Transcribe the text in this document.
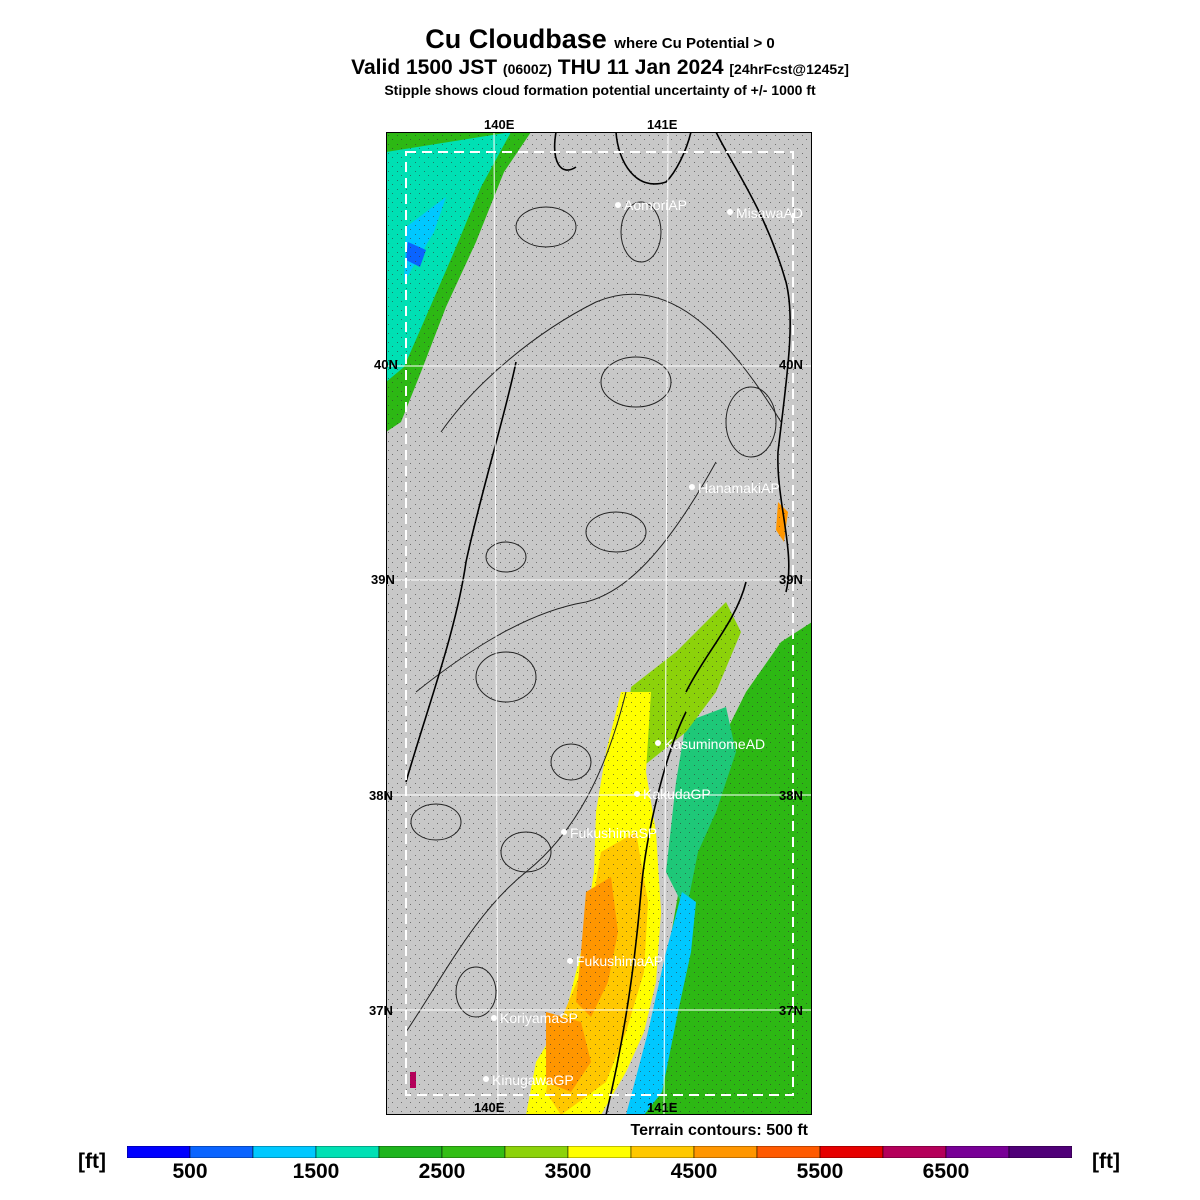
Cu Cloudbase where Cu Potential > 0
Valid 1500 JST (0600Z) THU 11 Jan 2024 [24hrFcst@1245z]
Stipple shows cloud formation potential uncertainty of +/- 1000 ft
AomoriAP	MisawaAD
HanamakiAP
KasuminomeAD
KakudaGP
FukushimaSP
FukushimaAP
KoriyamaSP
KinugawaGP
140E	141E
140E	141E
40N
39N
38N
37N
40N
39N
38N
37N
Terrain contours: 500 ft
[ft]	[ft]
500	1500	2500	3500	4500	5500	6500
